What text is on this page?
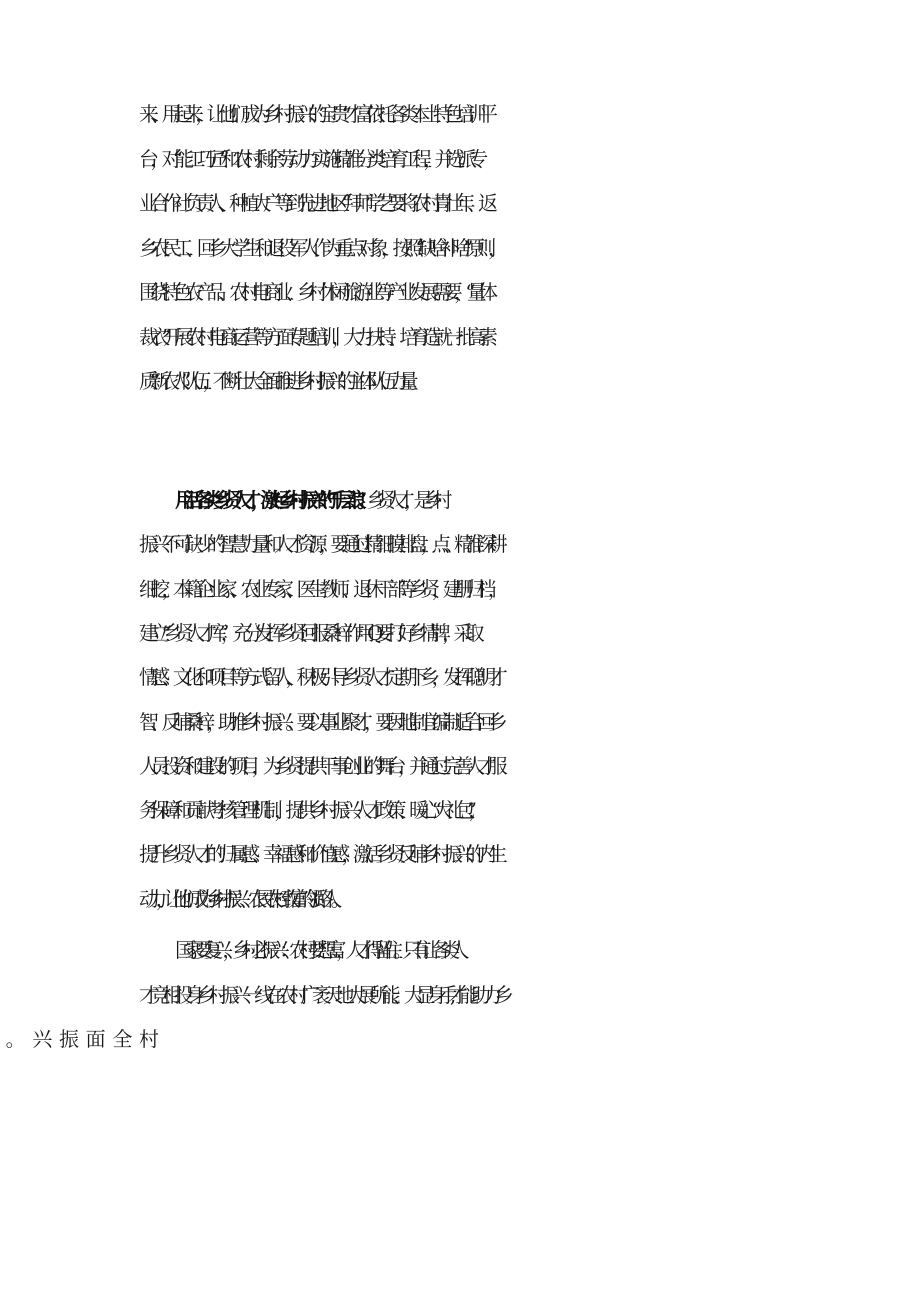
来、用起来，让他们成为乡村振兴的宝贵“才富依托各类本土特色培训平
台，对“能工巧匠”和农村剩余劳动力实施精准分类培育工程，并选派专
业合作社负责人、种植大户等到先进地区“拜师学艺要将农村青壮年、返
乡农民工、回乡大学生和退役军人作为重点对象，按照“缺啥补啥”原则，
围绕特色农产品、农村电商业、乡村休闲旅游业等产业发展需要，“量体
裁衣”开展农村电商运营等方面专题培训，大力扶持、培育造就一批高素
质“新农人”队伍，不断壮大全面推进乡村振兴的主体队伍力量。
用活各类乡贤人才，激起乡村振兴的“千层浪”。乡贤人才，是乡村
振兴不可缺少的智慧力量和人才资源，要通过精细摸排盘，点、精准深耕
细挖，本籍企业家、农业专家、医生教师、退休干部等乡贤，建册归档，
建立“乡贤人才库”，充分发挥乡贤回报桑梓作用Q要打好乡情牌，采取
情感、文化和项目等方式留人，积极引导乡贤人才定期下乡，发挥聪明才
智、反哺桑梓，助推乡村振兴。要以事业聚才，要因地制宜编制适合回乡
人员投资和建设的项目，为乡贤提供干事创业的舞台，并通过完善人才服
务保障和贡献考核管理机制，提供乡村振兴人才政策、暖心“大礼包”，
提升乡贤人才的归属感、幸福感和价值感，激活乡贤反哺乡村振兴的内生
动力，让他们成为乡村振兴、农民农村致富的领路人。
国家要复兴，乡村必振兴：农村要想富，人才得留住。只有让各类人
才竞相投身乡村振兴一线在农村广袤天地大展所能、大显身手,才能助力乡
